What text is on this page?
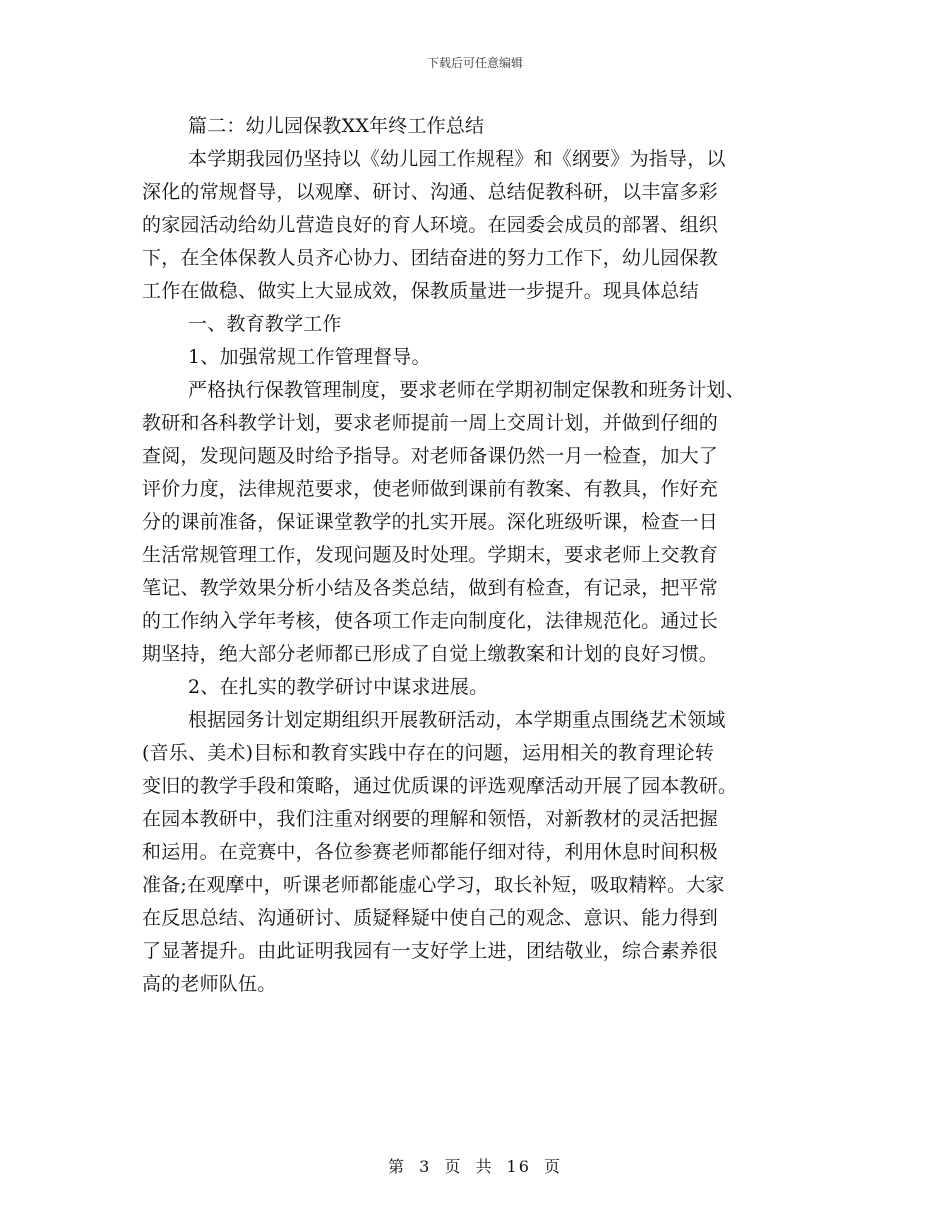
下载后可任意编辑
篇二：幼儿园保教XX年终工作总结
本学期我园仍坚持以《幼儿园工作规程》和《纲要》为指导，以
深化的常规督导，以观摩、研讨、沟通、总结促教科研，以丰富多彩
的家园活动给幼儿营造良好的育人环境。在园委会成员的部署、组织
下，在全体保教人员齐心协力、团结奋进的努力工作下，幼儿园保教
工作在做稳、做实上大显成效，保教质量进一步提升。现具体总结
一、教育教学工作
1、加强常规工作管理督导。
严格执行保教管理制度，要求老师在学期初制定保教和班务计划、
教研和各科教学计划，要求老师提前一周上交周计划，并做到仔细的
查阅，发现问题及时给予指导。对老师备课仍然一月一检查，加大了
评价力度，法律规范要求，使老师做到课前有教案、有教具，作好充
分的课前准备，保证课堂教学的扎实开展。深化班级听课，检查一日
生活常规管理工作，发现问题及时处理。学期末，要求老师上交教育
笔记、教学效果分析小结及各类总结，做到有检查，有记录，把平常
的工作纳入学年考核，使各项工作走向制度化，法律规范化。通过长
期坚持，绝大部分老师都已形成了自觉上缴教案和计划的良好习惯。
2、在扎实的教学研讨中谋求进展。
根据园务计划定期组织开展教研活动，本学期重点围绕艺术领域
(音乐、美术)目标和教育实践中存在的问题，运用相关的教育理论转
变旧的教学手段和策略，通过优质课的评选观摩活动开展了园本教研。
在园本教研中，我们注重对纲要的理解和领悟，对新教材的灵活把握
和运用。在竞赛中，各位参赛老师都能仔细对待，利用休息时间积极
准备;在观摩中，听课老师都能虚心学习，取长补短，吸取精粹。大家
在反思总结、沟通研讨、质疑释疑中使自己的观念、意识、能力得到
了显著提升。由此证明我园有一支好学上进，团结敬业，综合素养很
高的老师队伍。
第 3 页 共 16 页
